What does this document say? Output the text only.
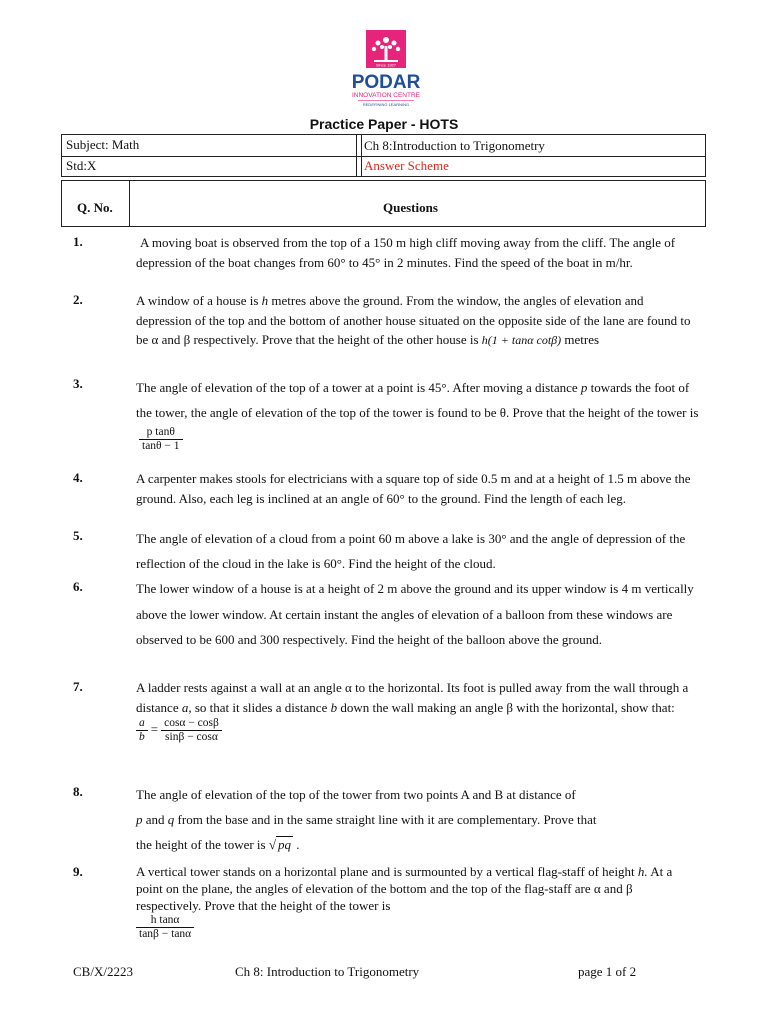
Since 1927
PODAR
INNOVATION CENTRE
REDEFINING LEARNING
Practice Paper - HOTS
Subject: Math	Ch 8:Introduction to Trigonometry
Std:X	Answer Scheme
Q. No.	Questions
1.	A moving boat is observed from the top of a 150 m high cliff moving away from the cliff. The angle of depression of the boat changes from 60° to 45° in 2 minutes. Find the speed of the boat in m/hr.
2.	A window of a house is h metres above the ground. From the window, the angles of elevation and depression of the top and the bottom of another house situated on the opposite side of the lane are found to be α and β respectively. Prove that the height of the other house is h(1 + tanα cotβ) metres
3.	The angle of elevation of the top of a tower at a point is 45°. After moving a distance p towards the foot of the tower, the angle of elevation of the top of the tower is found to be θ. Prove that the height of the tower is
$\frac{\text{p tanθ}}{\tan\theta - 1}$
4.	A carpenter makes stools for electricians with a square top of side 0.5 m and at a height of 1.5 m above the ground. Also, each leg is inclined at an angle of 60° to the ground. Find the length of each leg.
5.	The angle of elevation of a cloud from a point 60 m above a lake is 30° and the angle of depression of the reflection of the cloud in the lake is 60°. Find the height of the cloud.
6.	The lower window of a house is at a height of 2 m above the ground and its upper window is 4 m vertically above the lower window. At certain instant the angles of elevation of a balloon from these windows are observed to be 600 and 300 respectively. Find the height of the balloon above the ground.
7.	A ladder rests against a wall at an angle α to the horizontal. Its foot is pulled away from the wall through a distance a, so that it slides a distance b down the wall making an angle β with the horizontal, show that:

$\frac{a}{b} = \frac{\cos\alpha - \cos\beta}{\sin\beta - \cos\alpha}$
8.	The angle of elevation of the top of the tower from two points A and B at distance of
p and q from the base and in the same straight line with it are complementary. Prove that
the height of the tower is √ pq .
9.	A vertical tower stands on a horizontal plane and is surmounted by a vertical flag-staff of height h. At a point on the plane, the angles of elevation of the bottom and the top of the flag-staff are α and β respectively. Prove that the height of the tower is

$\frac{\text{h tanα}}{\tan\beta - \tan\alpha}$
CB/X/2223	Ch 8: Introduction to Trigonometry	page 1 of 2
